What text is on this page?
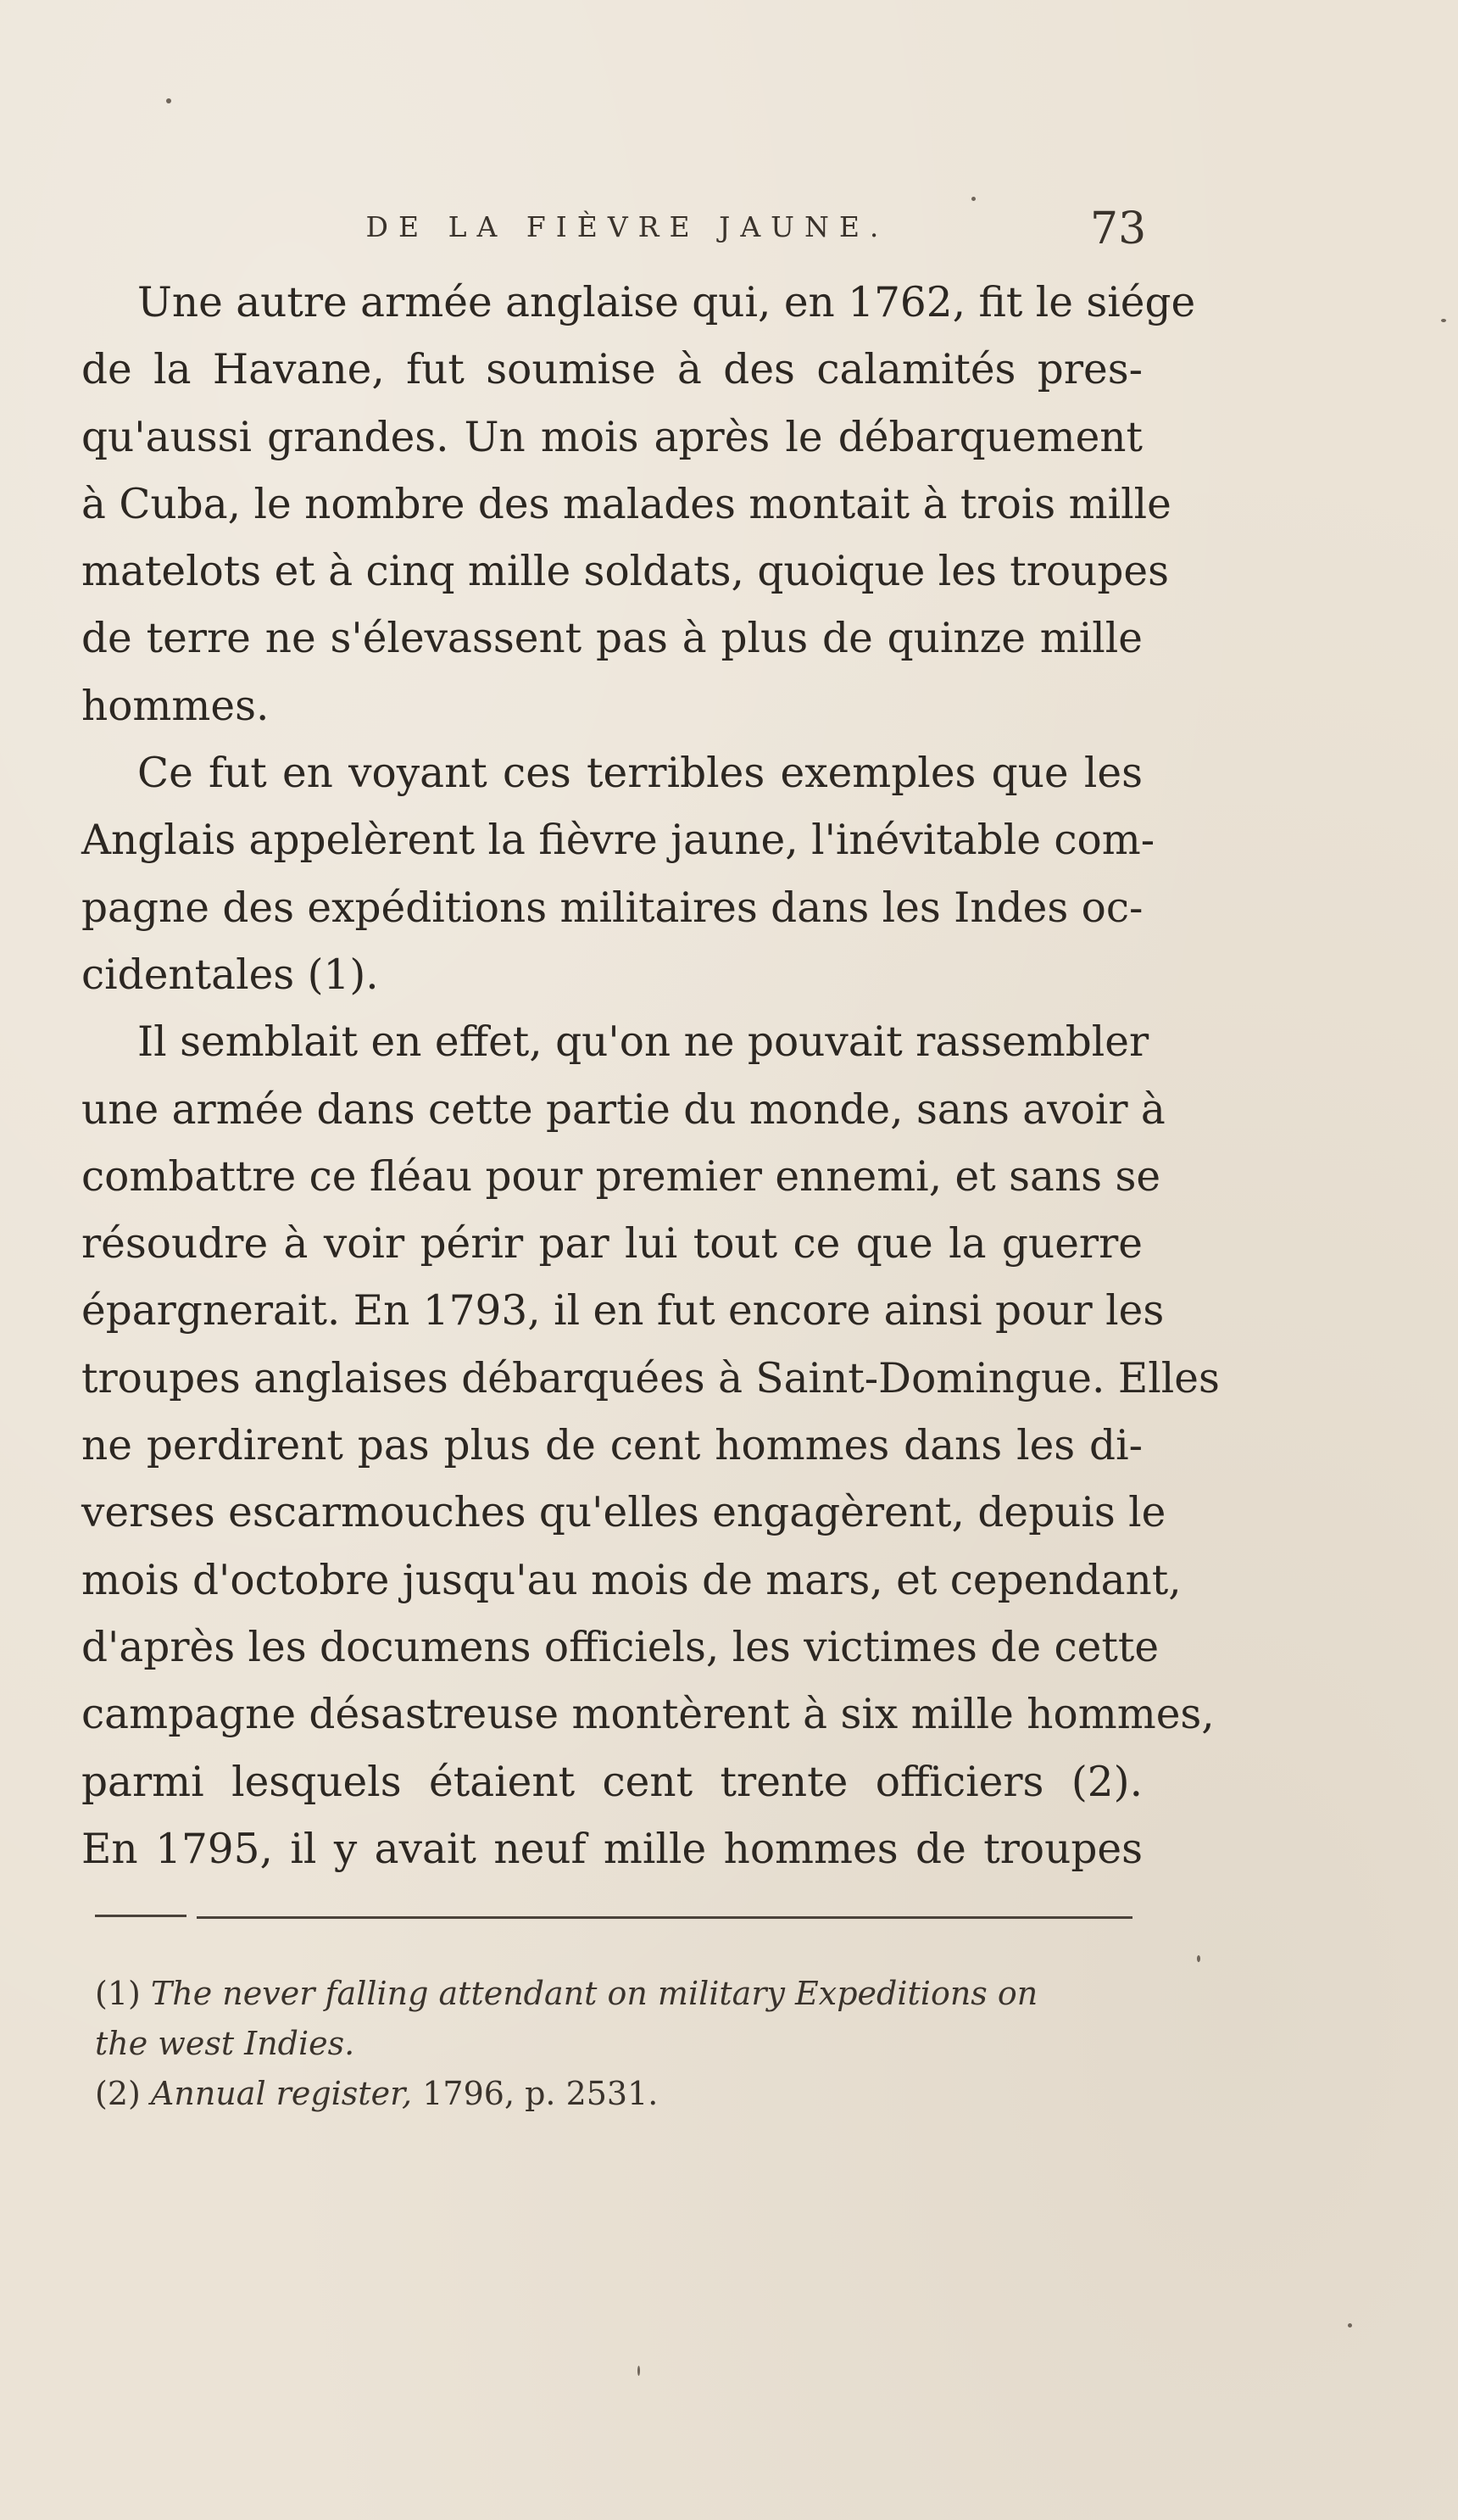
DE LA FIÈVRE JAUNE.	73
Une autre armée anglaise qui, en 1762, fit le siége
de la Havane, fut soumise à des calamités pres-
qu'aussi grandes. Un mois après le débarquement
à Cuba, le nombre des malades montait à trois mille
matelots et à cinq mille soldats, quoique les troupes
de terre ne s'élevassent pas à plus de quinze mille
hommes.
Ce fut en voyant ces terribles exemples que les
Anglais appelèrent la fièvre jaune, l'inévitable com-
pagne des expéditions militaires dans les Indes oc-
cidentales (1).
Il semblait en effet, qu'on ne pouvait rassembler
une armée dans cette partie du monde, sans avoir à
combattre ce fléau pour premier ennemi, et sans se
résoudre à voir périr par lui tout ce que la guerre
épargnerait. En 1793, il en fut encore ainsi pour les
troupes anglaises débarquées à Saint-Domingue. Elles
ne perdirent pas plus de cent hommes dans les di-
verses escarmouches qu'elles engagèrent, depuis le
mois d'octobre jusqu'au mois de mars, et cependant,
d'après les documens officiels, les victimes de cette
campagne désastreuse montèrent à six mille hommes,
parmi lesquels étaient cent trente officiers (2).
En 1795, il y avait neuf mille hommes de troupes
(1) The never falling attendant on military Expeditions on
the west Indies.
(2) Annual register, 1796, p. 2531.
